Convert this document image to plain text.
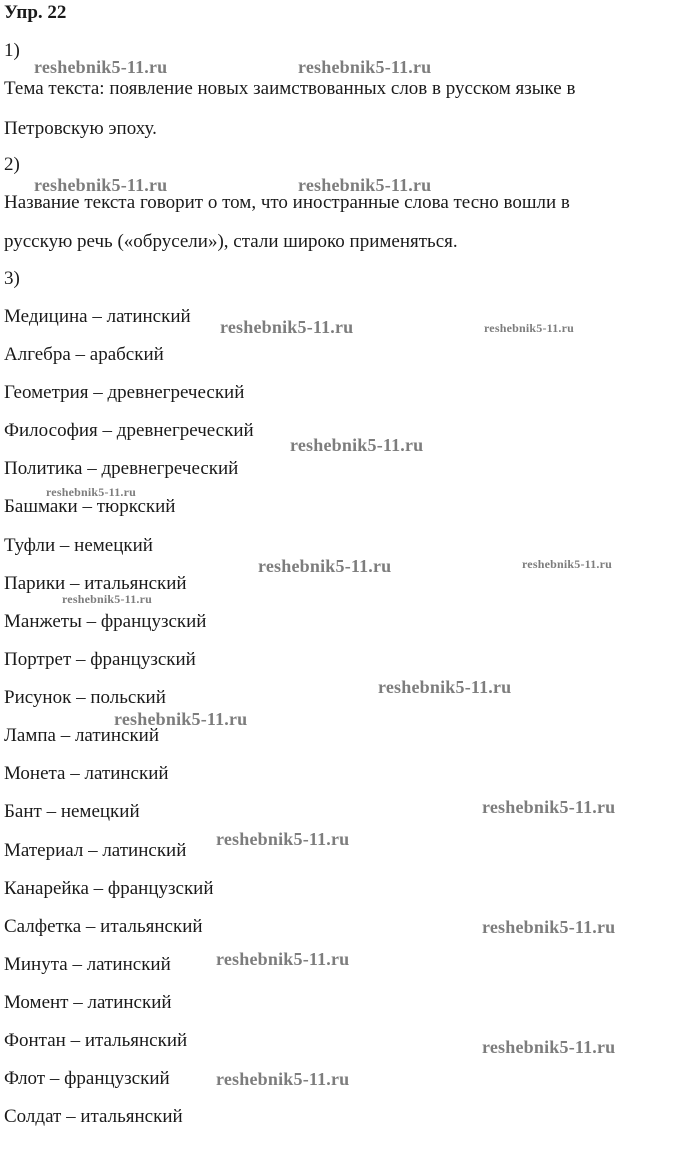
Упр. 22
1)
Тема текста: появление новых заимствованных слов в русском языке в
Петровскую эпоху.
2)
Название текста говорит о том, что иностранные слова тесно вошли в
русскую речь («обрусели»), стали широко применяться.
3)
Медицина – латинский
Алгебра – арабский
Геометрия – древнегреческий
Философия – древнегреческий
Политика – древнегреческий
Башмаки – тюркский
Туфли – немецкий
Парики – итальянский
Манжеты – французский
Портрет – французский
Рисунок – польский
Лампа – латинский
Монета – латинский
Бант – немецкий
Материал – латинский
Канарейка – французский
Салфетка – итальянский
Минута – латинский
Момент – латинский
Фонтан – итальянский
Флот – французский
Солдат – итальянский
reshebnik5-11.ru	reshebnik5-11.ru
reshebnik5-11.ru	reshebnik5-11.ru
reshebnik5-11.ru	reshebnik5-11.ru
reshebnik5-11.ru
reshebnik5-11.ru
reshebnik5-11.ru	reshebnik5-11.ru
reshebnik5-11.ru
reshebnik5-11.ru
reshebnik5-11.ru
reshebnik5-11.ru
reshebnik5-11.ru
reshebnik5-11.ru
reshebnik5-11.ru
reshebnik5-11.ru
reshebnik5-11.ru
